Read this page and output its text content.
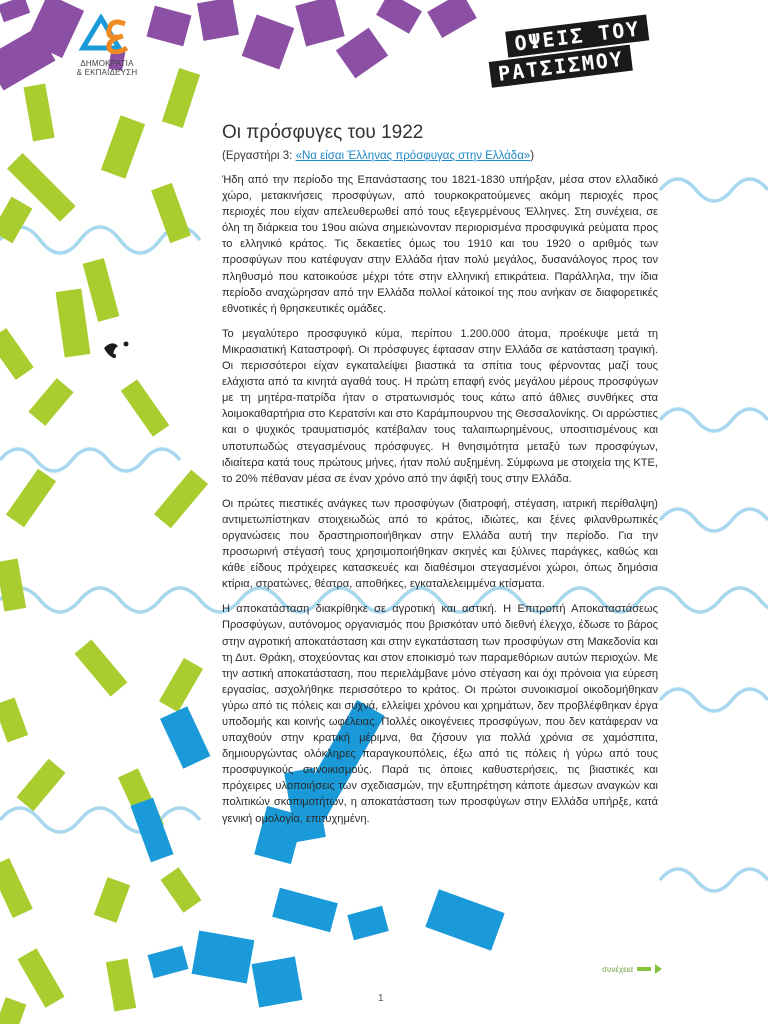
ΔΗΜΟΚΡΑΤΙΑ
& ΕΚΠΑΙΔΕΥΣΗ
ΟΨΕΙΣ ΤΟΥ
ΡΑΤΣΙΣΜΟΥ
Οι πρόσφυγες του 1922
(Εργαστήρι 3: «Να είσαι Έλληνας πρόσφυγας στην Ελλάδα»)

Ήδη από την περίοδο της Επανάστασης του 1821-1830 υπήρξαν, μέσα στον ελλαδικό χώρο, μετακινήσεις προσφύγων, από τουρκοκρατούμενες ακόμη περιοχές προς περιοχές που είχαν απελευθερωθεί από τους εξεγερμένους Έλληνες. Στη συνέχεια, σε όλη τη διάρκεια του 19ου αιώνα σημειώνονταν περιορισμένα προσφυγικά ρεύματα προς το ελληνικό κράτος. Τις δεκαετίες όμως του 1910 και του 1920 ο αριθμός των προσφύγων που κατέφυγαν στην Ελλάδα ήταν πολύ μεγάλος, δυσανάλογος προς τον πληθυσμό που κατοικούσε μέχρι τότε στην ελληνική επικράτεια. Παράλληλα, την ίδια περίοδο αναχώρησαν από την Ελλάδα πολλοί κάτοικοί της που ανήκαν σε διαφορετικές εθνοτικές ή θρησκευτικές ομάδες.

Το μεγαλύτερο προσφυγικό κύμα, περίπου 1.200.000 άτομα, προέκυψε μετά τη Μικρασιατική Καταστροφή. Οι πρόσφυγες έφτασαν στην Ελλάδα σε κατάσταση τραγική. Οι περισσότεροι είχαν εγκαταλείψει βιαστικά τα σπίτια τους φέρνοντας μαζί τους ελάχιστα από τα κινητά αγαθά τους. Η πρώτη επαφή ενός μεγάλου μέρους προσφύγων με τη μητέρα-πατρίδα ήταν ο στρατωνισμός τους κάτω από άθλιες συνθήκες στα λοιμοκαθαρτήρια στο Κερατσίνι και στο Καράμπουρνου της Θεσσαλονίκης. Οι αρρώστιες και ο ψυχικός τραυματισμός κατέβαλαν τους ταλαιπωρημένους, υποσιτισμένους και υποτυπωδώς στεγασμένους πρόσφυγες. Η θνησιμότητα μεταξύ των προσφύγων, ιδιαίτερα κατά τους πρώτους μήνες, ήταν πολύ αυξημένη. Σύμφωνα με στοιχεία της ΚΤΕ, το 20% πέθαναν μέσα σε έναν χρόνο από την άφιξή τους στην Ελλάδα.

Οι πρώτες πιεστικές ανάγκες των προσφύγων (διατροφή, στέγαση, ιατρική περίθαλψη) αντιμετωπίστηκαν στοιχειωδώς από το κράτος, ιδιώτες, και ξένες φιλανθρωπικές οργανώσεις που δραστηριοποιήθηκαν στην Ελλάδα αυτή την περίοδο. Για την προσωρινή στέγασή τους χρησιμοποιήθηκαν σκηνές και ξύλινες παράγκες, καθώς και κάθε είδους πρόχειρες κατασκευές και διαθέσιμοι στεγασμένοι χώροι, όπως δημόσια κτίρια, στρατώνες, θέατρα, αποθήκες, εγκαταλελειμμένα κτίσματα.

Η αποκατάσταση διακρίθηκε σε αγροτική και αστική. Η Επιτροπή Αποκαταστάσεως Προσφύγων, αυτόνομος οργανισμός που βρισκόταν υπό διεθνή έλεγχο, έδωσε το βάρος στην αγροτική αποκατάσταση και στην εγκατάσταση των προσφύγων στη Μακεδονία και τη Δυτ. Θράκη, στοχεύοντας και στον εποικισμό των παραμεθόριων αυτών περιοχών. Με την αστική αποκατάσταση, που περιελάμβανε μόνο στέγαση και όχι πρόνοια για εύρεση εργασίας, ασχολήθηκε περισσότερο το κράτος. Οι πρώτοι συνοικισμοί οικοδομήθηκαν γύρω από τις πόλεις και συχνά, ελλείψει χρόνου και χρημάτων, δεν προβλέφθηκαν έργα υποδομής και κοινής ωφέλειας. Πολλές οικογένειες προσφύγων, που δεν κατάφεραν να υπαχθούν στην κρατική μέριμνα, θα ζήσουν για πολλά χρόνια σε χαμόσπιτα, δημιουργώντας ολόκληρες παραγκουπόλεις, έξω από τις πόλεις ή γύρω από τους προσφυγικούς συνοικισμούς. Παρά τις όποιες καθυστερήσεις, τις βιαστικές και πρόχειρες υλοποιήσεις των σχεδιασμών, την εξυπηρέτηση κάποτε άμεσων αναγκών και πολιτικών σκοπιμοτήτων, η αποκατάσταση των προσφύγων στην Ελλάδα υπήρξε, κατά γενική ομολογία, επιτυχημένη.

συνέχεια
1
